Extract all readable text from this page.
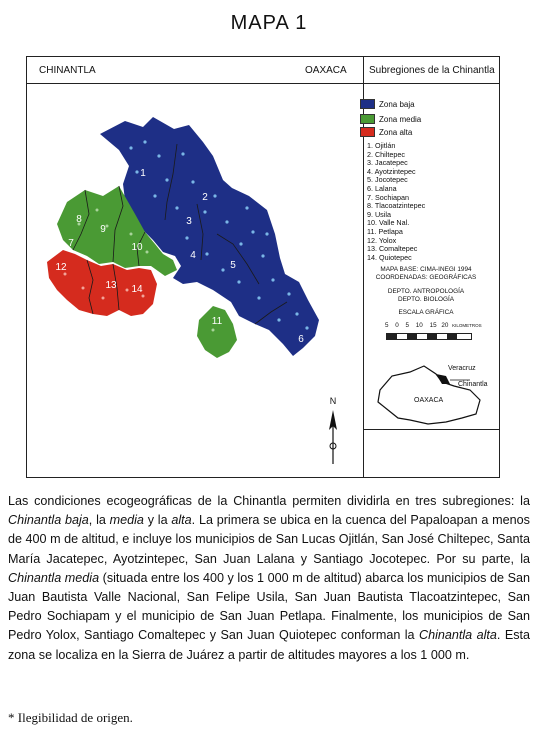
MAPA 1
CHINANTLA	OAXACA Subregiones de la Chinantla
1
2
3
4
5
6
7
8
9
10
11
12
13 14
N
Zona baja
Zona media
Zona alta
1. Ojitlán
2. Chiltepec
3. Jacatepec
4. Ayotzintepec
5. Jocotepec
6. Lalana
7. Sochiapan
8. Tlacoatzintepec
9. Usila
10. Valle Nal.
11. Petlapa
12. Yolox
13. Comaltepec
14. Quiotepec
MAPA BASE: CIMA-INEGI 1994
COORDENADAS: GEOGRÁFICAS
DEPTO. ANTROPOLOGÍA
DEPTO. BIOLOGÍA
ESCALA GRÁFICA
5 0 5 10 15 20 KILOMETROS
Veracruz
Chinantla
OAXACA

Las condiciones ecogeográficas de la Chinantla permiten dividirla en tres subregiones: la Chinantla baja, la media y la alta. La primera se ubica en la cuenca del Papaloapan a menos de 400 m de altitud, e incluye los municipios de San Lucas Ojitlán, San José Chiltepec, Santa María Jacatepec, Ayotzintepec, San Juan Lalana y Santiago Jocotepec. Por su parte, la Chinantla media (situada entre los 400 y los 1 000 m de altitud) abarca los municipios de San Juan Bautista Valle Nacional, San Felipe Usila, San Juan Bautista Tlacoatzintepec, San Pedro Sochiapam y el municipio de San Juan Petlapa. Finalmente, los municipios de San Pedro Yolox, Santiago Comaltepec y San Juan Quiotepec conforman la Chinantla alta. Esta zona se localiza en la Sierra de Juárez a partir de altitudes mayores a los 1 000 m.

* Ilegibilidad de origen.
